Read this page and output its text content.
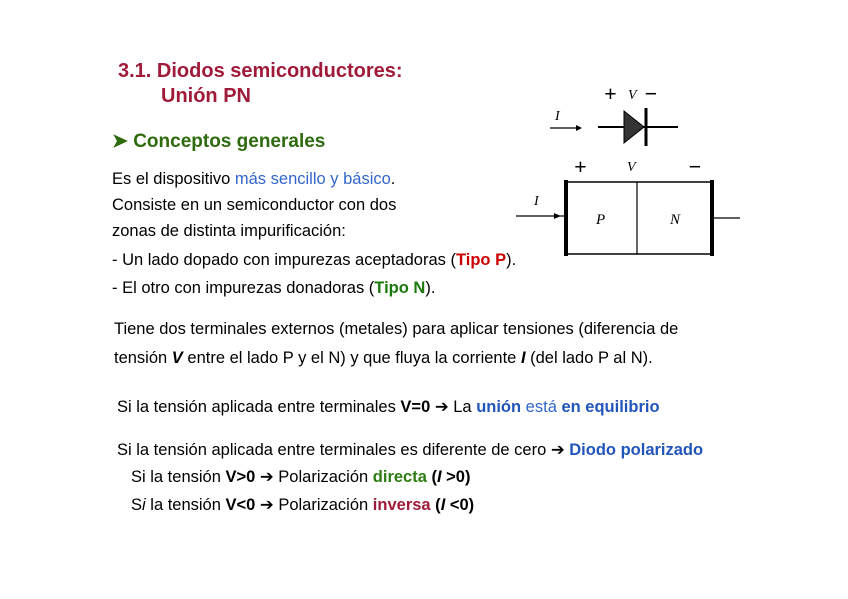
3.1. Diodos semiconductores:
Unión PN
➤ Conceptos generales
Es el dispositivo más sencillo y básico.
Consiste en un semiconductor con dos
zonas de distinta impurificación:
- Un lado dopado con impurezas aceptadoras (Tipo P).
- El otro con impurezas donadoras (Tipo N).
Tiene dos terminales externos (metales) para aplicar tensiones (diferencia de
tensión V entre el lado P y el N) y que fluya la corriente I (del lado P al N).
Si la tensión aplicada entre terminales V=0 ➔ La unión está en equilibrio
Si la tensión aplicada entre terminales es diferente de cero ➔ Diodo polarizado
Si la tensión V>0 ➔ Polarización directa (I >0)
Si la tensión V<0 ➔ Polarización inversa (I <0)
+ V −
I
+	V −
I
P	N
